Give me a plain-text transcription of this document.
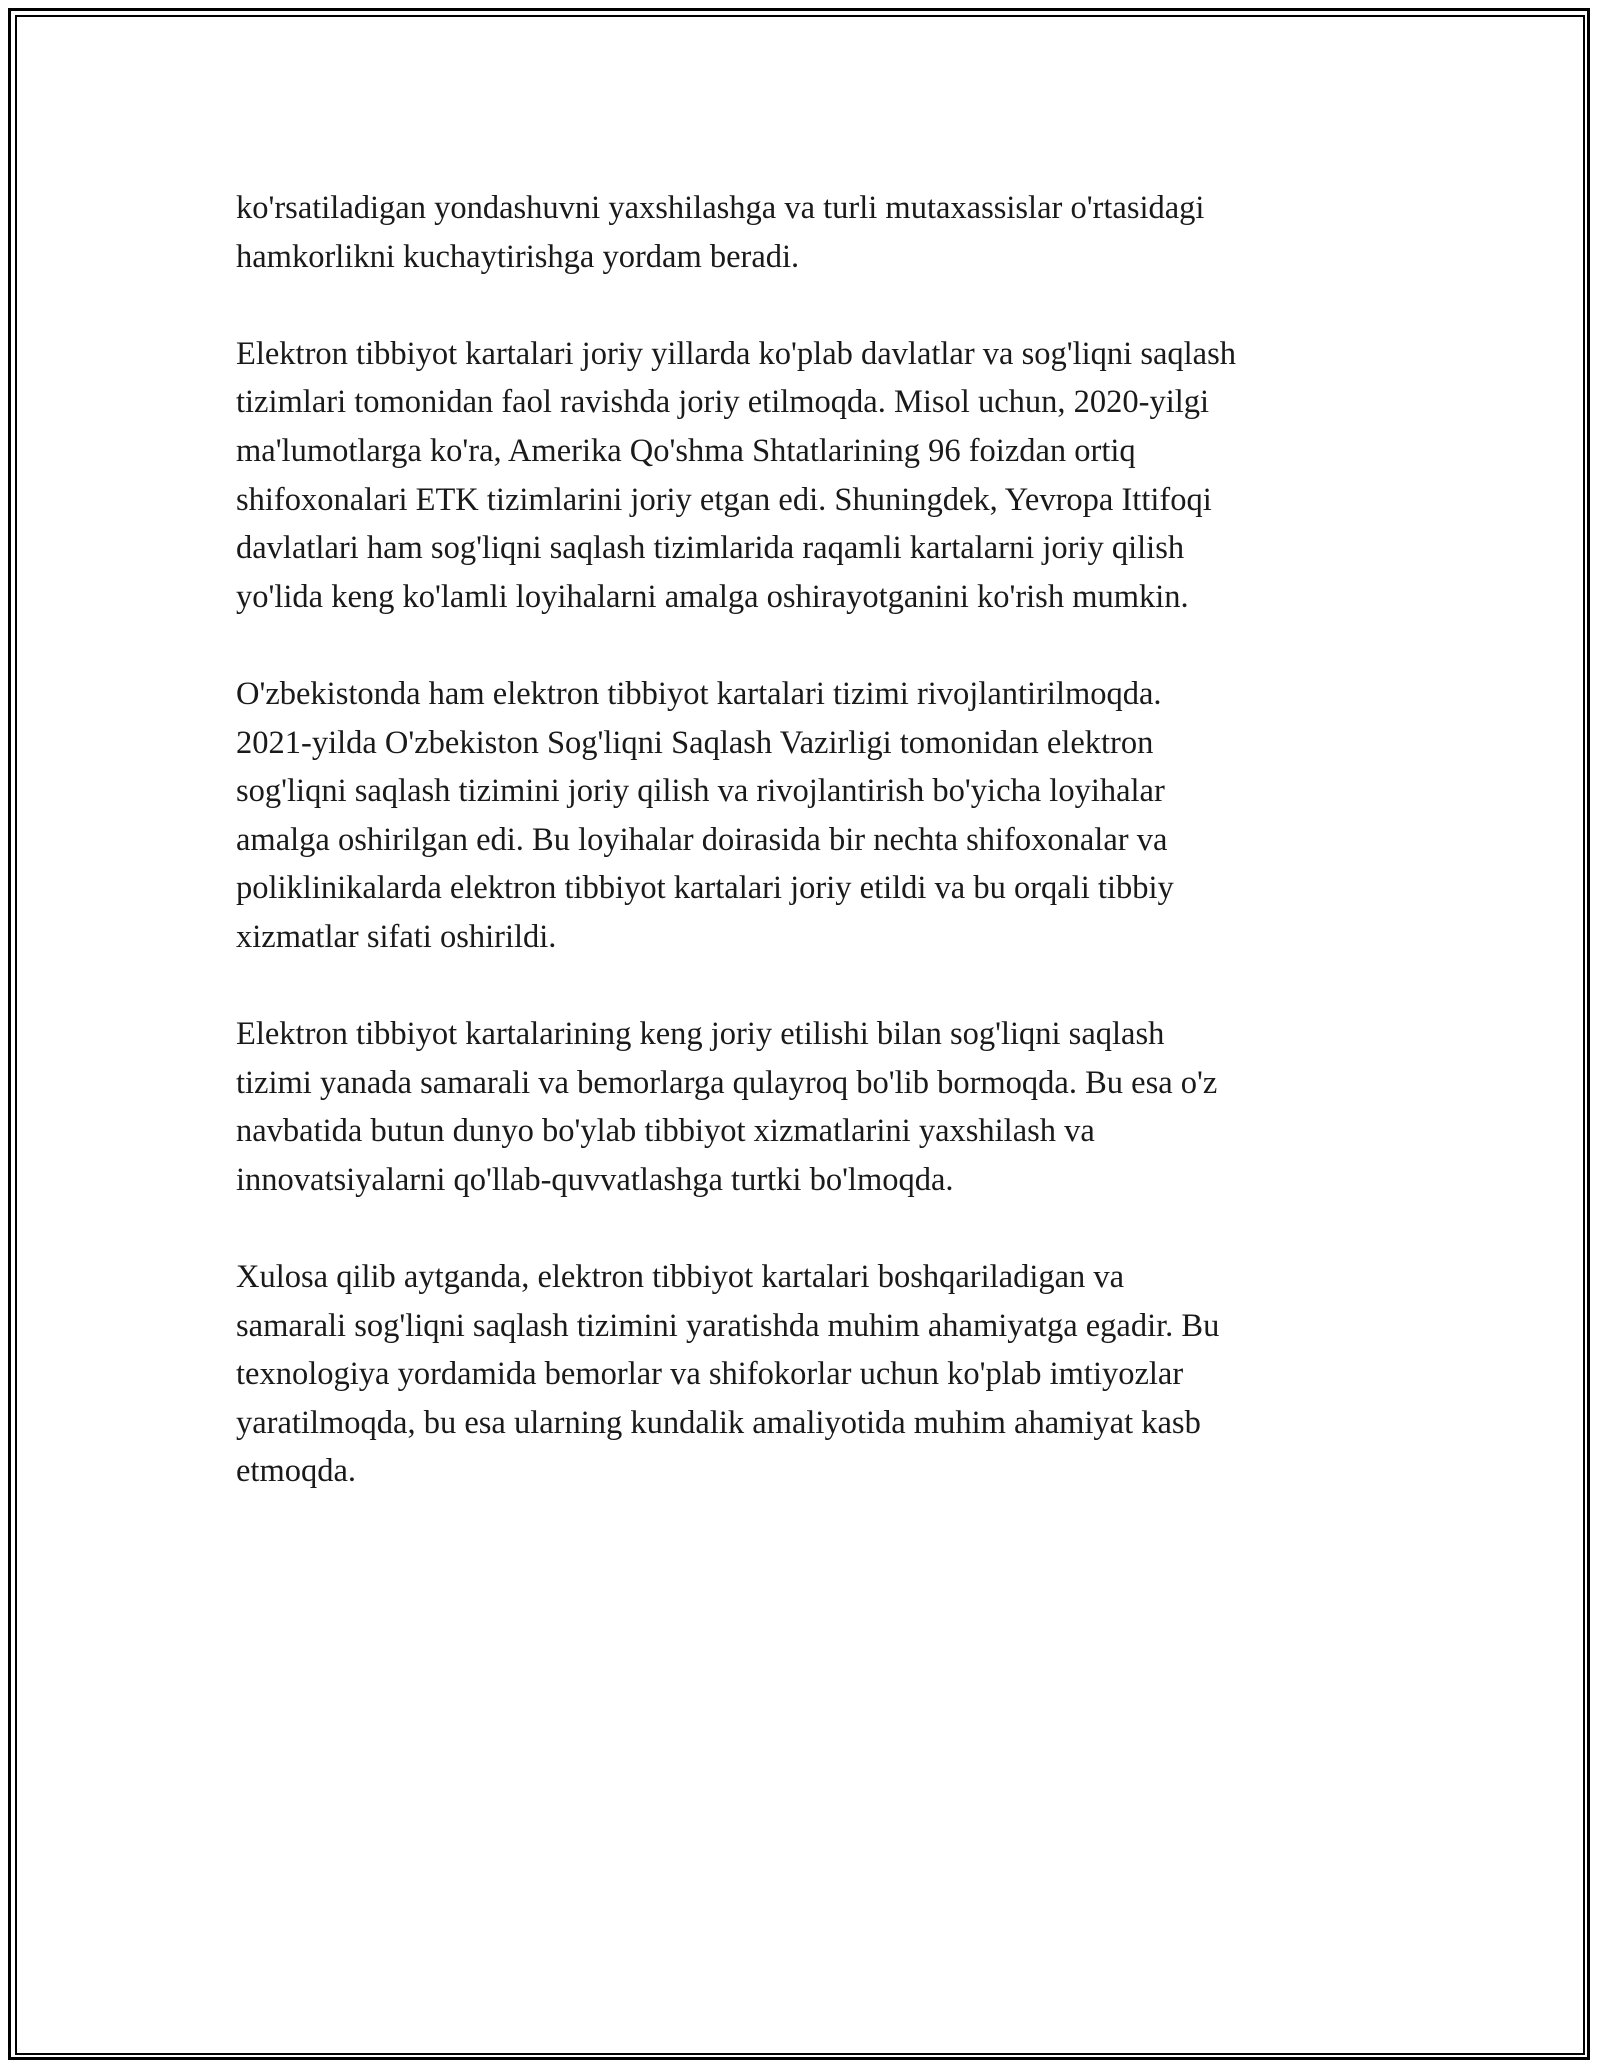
ko'rsatiladigan yondashuvni yaxshilashga va turli mutaxassislar o'rtasidagi
hamkorlikni kuchaytirishga yordam beradi.

Elektron tibbiyot kartalari joriy yillarda ko'plab davlatlar va sog'liqni saqlash
tizimlari tomonidan faol ravishda joriy etilmoqda. Misol uchun, 2020-yilgi
ma'lumotlarga ko'ra, Amerika Qo'shma Shtatlarining 96 foizdan ortiq
shifoxonalari ETK tizimlarini joriy etgan edi. Shuningdek, Yevropa Ittifoqi
davlatlari ham sog'liqni saqlash tizimlarida raqamli kartalarni joriy qilish
yo'lida keng ko'lamli loyihalarni amalga oshirayotganini ko'rish mumkin.

O'zbekistonda ham elektron tibbiyot kartalari tizimi rivojlantirilmoqda.
2021-yilda O'zbekiston Sog'liqni Saqlash Vazirligi tomonidan elektron
sog'liqni saqlash tizimini joriy qilish va rivojlantirish bo'yicha loyihalar
amalga oshirilgan edi. Bu loyihalar doirasida bir nechta shifoxonalar va
poliklinikalarda elektron tibbiyot kartalari joriy etildi va bu orqali tibbiy
xizmatlar sifati oshirildi.

Elektron tibbiyot kartalarining keng joriy etilishi bilan sog'liqni saqlash
tizimi yanada samarali va bemorlarga qulayroq bo'lib bormoqda. Bu esa o'z
navbatida butun dunyo bo'ylab tibbiyot xizmatlarini yaxshilash va
innovatsiyalarni qo'llab-quvvatlashga turtki bo'lmoqda.

Xulosa qilib aytganda, elektron tibbiyot kartalari boshqariladigan va
samarali sog'liqni saqlash tizimini yaratishda muhim ahamiyatga egadir. Bu
texnologiya yordamida bemorlar va shifokorlar uchun ko'plab imtiyozlar
yaratilmoqda, bu esa ularning kundalik amaliyotida muhim ahamiyat kasb
etmoqda.
